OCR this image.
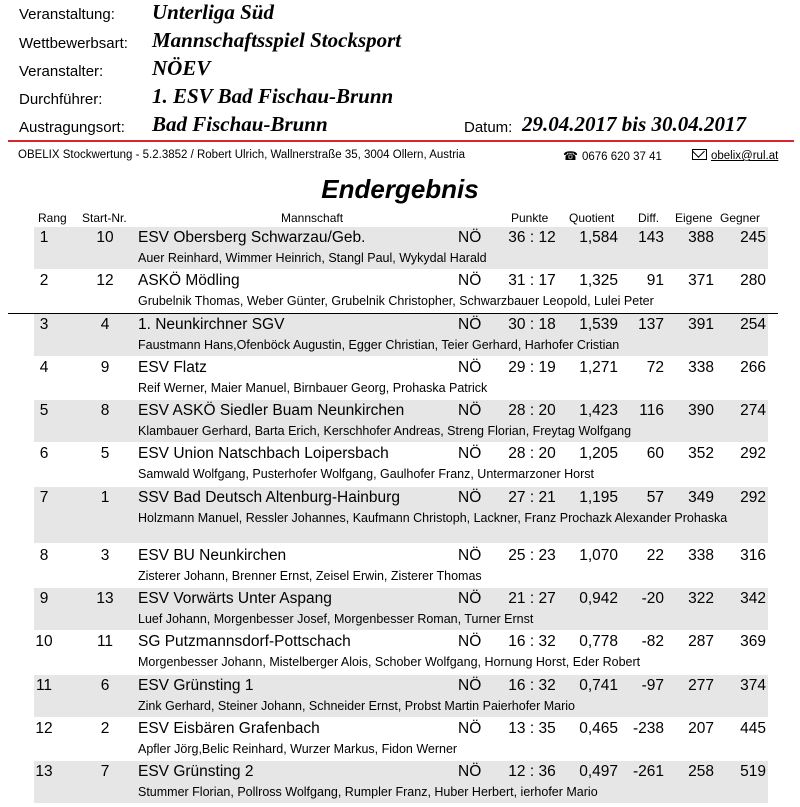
Veranstaltung: Unterliga Süd
Wettbewerbsart: Mannschaftsspiel Stocksport
Veranstalter: NÖEV
Durchführer: 1. ESV Bad Fischau-Brunn
Austragungsort: Bad Fischau-Brunn	Datum: 29.04.2017 bis 30.04.2017
OBELIX Stockwertung - 5.2.3852 / Robert Ulrich, Wallnerstraße 35, 3004 Ollern, Austria	☎ 0676 620 37 41	obelix@rul.at
Endergebnis
Rang Start-Nr.	Mannschaft	Punkte Quotient Diff. Eigene Gegner
1	10	ESV Obersberg Schwarzau/Geb.	NÖ	36 : 12	1,584	143	388	245
Auer Reinhard, Wimmer Heinrich, Stangl Paul, Wykydal Harald
2	12	ASKÖ Mödling	NÖ	31 : 17	1,325	91	371	280
Grubelnik Thomas, Weber Günter, Grubelnik Christopher, Schwarzbauer Leopold, Lulei Peter
3	4	1. Neunkirchner SGV	NÖ	30 : 18	1,539	137	391	254
Faustmann Hans,Ofenböck Augustin, Egger Christian, Teier Gerhard, Harhofer Cristian
4	9	ESV Flatz	NÖ	29 : 19	1,271	72	338	266
Reif Werner, Maier Manuel, Birnbauer Georg, Prohaska Patrick
5	8	ESV ASKÖ Siedler Buam Neunkirchen	NÖ	28 : 20	1,423	116	390	274
Klambauer Gerhard, Barta Erich, Kerschhofer Andreas, Streng Florian, Freytag Wolfgang
6	5	ESV Union Natschbach Loipersbach	NÖ	28 : 20	1,205	60	352	292
Samwald Wolfgang, Pusterhofer Wolfgang, Gaulhofer Franz, Untermarzoner Horst
7	1	SSV Bad Deutsch Altenburg-Hainburg	NÖ	27 : 21	1,195	57	349	292
Holzmann Manuel, Ressler Johannes, Kaufmann Christoph, Lackner, Franz Prochazk Alexander Prohaska
8	3	ESV BU Neunkirchen	NÖ	25 : 23	1,070	22	338	316
Zisterer Johann, Brenner Ernst, Zeisel Erwin, Zisterer Thomas
9	13	ESV Vorwärts Unter Aspang	NÖ	21 : 27	0,942	-20	322	342
Luef Johann, Morgenbesser Josef, Morgenbesser Roman, Turner Ernst
10	11	SG Putzmannsdorf-Pottschach	NÖ	16 : 32	0,778	-82	287	369
Morgenbesser Johann, Mistelberger Alois, Schober Wolfgang, Hornung Horst, Eder Robert
11	6	ESV Grünsting 1	NÖ	16 : 32	0,741	-97	277	374
Zink Gerhard, Steiner Johann, Schneider Ernst, Probst Martin Paierhofer Mario
12	2	ESV Eisbären Grafenbach	NÖ	13 : 35	0,465 -238	207	445
Apfler Jörg,Belic Reinhard, Wurzer Markus, Fidon Werner
13	7	ESV Grünsting 2	NÖ	12 : 36	0,497 -261	258	519
Stummer Florian, Pollross Wolfgang, Rumpler Franz, Huber Herbert, ierhofer Mario
